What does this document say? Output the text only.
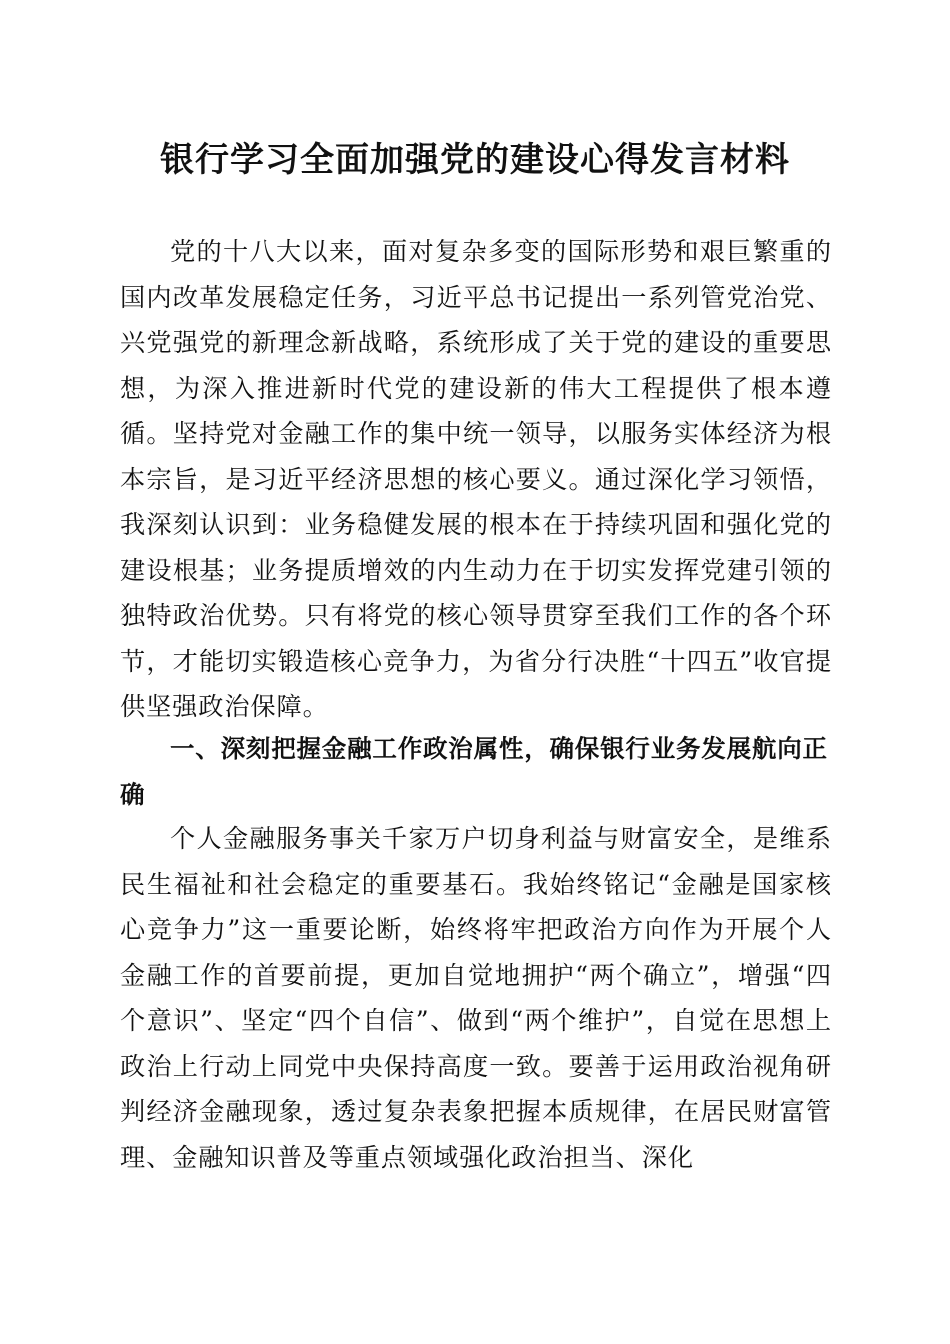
银行学习全面加强党的建设心得发言材料
党的十八大以来，面对复杂多变的国际形势和艰巨繁重的国内改革发展稳定任务，习近平总书记提出一系列管党治党、兴党强党的新理念新战略，系统形成了关于党的建设的重要思想，为深入推进新时代党的建设新的伟大工程提供了根本遵循。坚持党对金融工作的集中统一领导，以服务实体经济为根本宗旨，是习近平经济思想的核心要义。通过深化学习领悟，我深刻认识到：业务稳健发展的根本在于持续巩固和强化党的建设根基；业务提质增效的内生动力在于切实发挥党建引领的独特政治优势。只有将党的核心领导贯穿至我们工作的各个环节，才能切实锻造核心竞争力，为省分行决胜“十四五”收官提供坚强政治保障。
一、深刻把握金融工作政治属性，确保银行业务发展航向正确
个人金融服务事关千家万户切身利益与财富安全，是维系民生福祉和社会稳定的重要基石。我始终铭记“金融是国家核心竞争力”这一重要论断，始终将牢把政治方向作为开展个人金融工作的首要前提，更加自觉地拥护“两个确立”，增强“四个意识”、坚定“四个自信”、做到“两个维护”，自觉在思想上政治上行动上同党中央保持高度一致。要善于运用政治视角研判经济金融现象，透过复杂表象把握本质规律，在居民财富管理、金融知识普及等重点领域强化政治担当、深化
